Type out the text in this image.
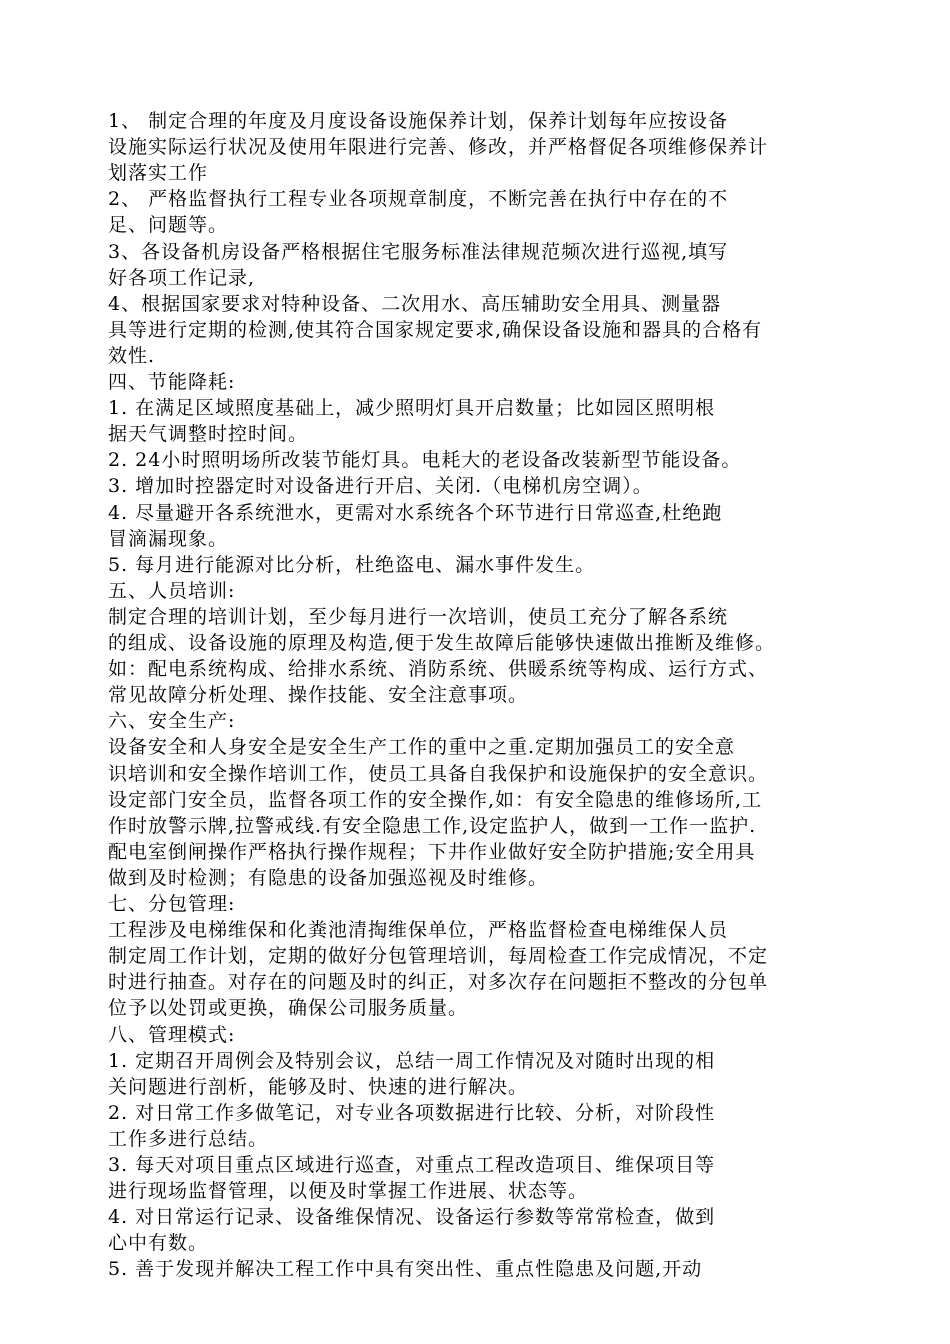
1、 制定合理的年度及月度设备设施保养计划，保养计划每年应按设备
设施实际运行状况及使用年限进行完善、修改，并严格督促各项维修保养计
划落实工作
2、 严格监督执行工程专业各项规章制度，不断完善在执行中存在的不
足、问题等。
3、各设备机房设备严格根据住宅服务标准法律规范频次进行巡视,填写
好各项工作记录,
4、根据国家要求对特种设备、二次用水、高压辅助安全用具、测量器
具等进行定期的检测,使其符合国家规定要求,确保设备设施和器具的合格有
效性.
四、节能降耗:
1. 在满足区域照度基础上，减少照明灯具开启数量；比如园区照明根
据天气调整时控时间。
2. 24小时照明场所改装节能灯具。电耗大的老设备改装新型节能设备。
3. 增加时控器定时对设备进行开启、关闭.（电梯机房空调）。
4. 尽量避开各系统泄水，更需对水系统各个环节进行日常巡查,杜绝跑
冒滴漏现象。
5. 每月进行能源对比分析，杜绝盗电、漏水事件发生。
五、人员培训:
制定合理的培训计划，至少每月进行一次培训，使员工充分了解各系统
的组成、设备设施的原理及构造,便于发生故障后能够快速做出推断及维修。
如：配电系统构成、给排水系统、消防系统、供暖系统等构成、运行方式、
常见故障分析处理、操作技能、安全注意事项。
六、安全生产:
设备安全和人身安全是安全生产工作的重中之重.定期加强员工的安全意
识培训和安全操作培训工作，使员工具备自我保护和设施保护的安全意识。
设定部门安全员，监督各项工作的安全操作,如：有安全隐患的维修场所,工
作时放警示牌,拉警戒线.有安全隐患工作,设定监护人，做到一工作一监护.
配电室倒闸操作严格执行操作规程；下井作业做好安全防护措施;安全用具
做到及时检测；有隐患的设备加强巡视及时维修。
七、分包管理:
工程涉及电梯维保和化粪池清掏维保单位，严格监督检查电梯维保人员
制定周工作计划，定期的做好分包管理培训，每周检查工作完成情况，不定
时进行抽查。对存在的问题及时的纠正，对多次存在问题拒不整改的分包单
位予以处罚或更换，确保公司服务质量。
八、管理模式:
1. 定期召开周例会及特别会议，总结一周工作情况及对随时出现的相
关问题进行剖析，能够及时、快速的进行解决。
2. 对日常工作多做笔记，对专业各项数据进行比较、分析，对阶段性
工作多进行总结。
3. 每天对项目重点区域进行巡查，对重点工程改造项目、维保项目等
进行现场监督管理，以便及时掌握工作进展、状态等。
4. 对日常运行记录、设备维保情况、设备运行参数等常常检查，做到
心中有数。
5. 善于发现并解决工程工作中具有突出性、重点性隐患及问题,开动
